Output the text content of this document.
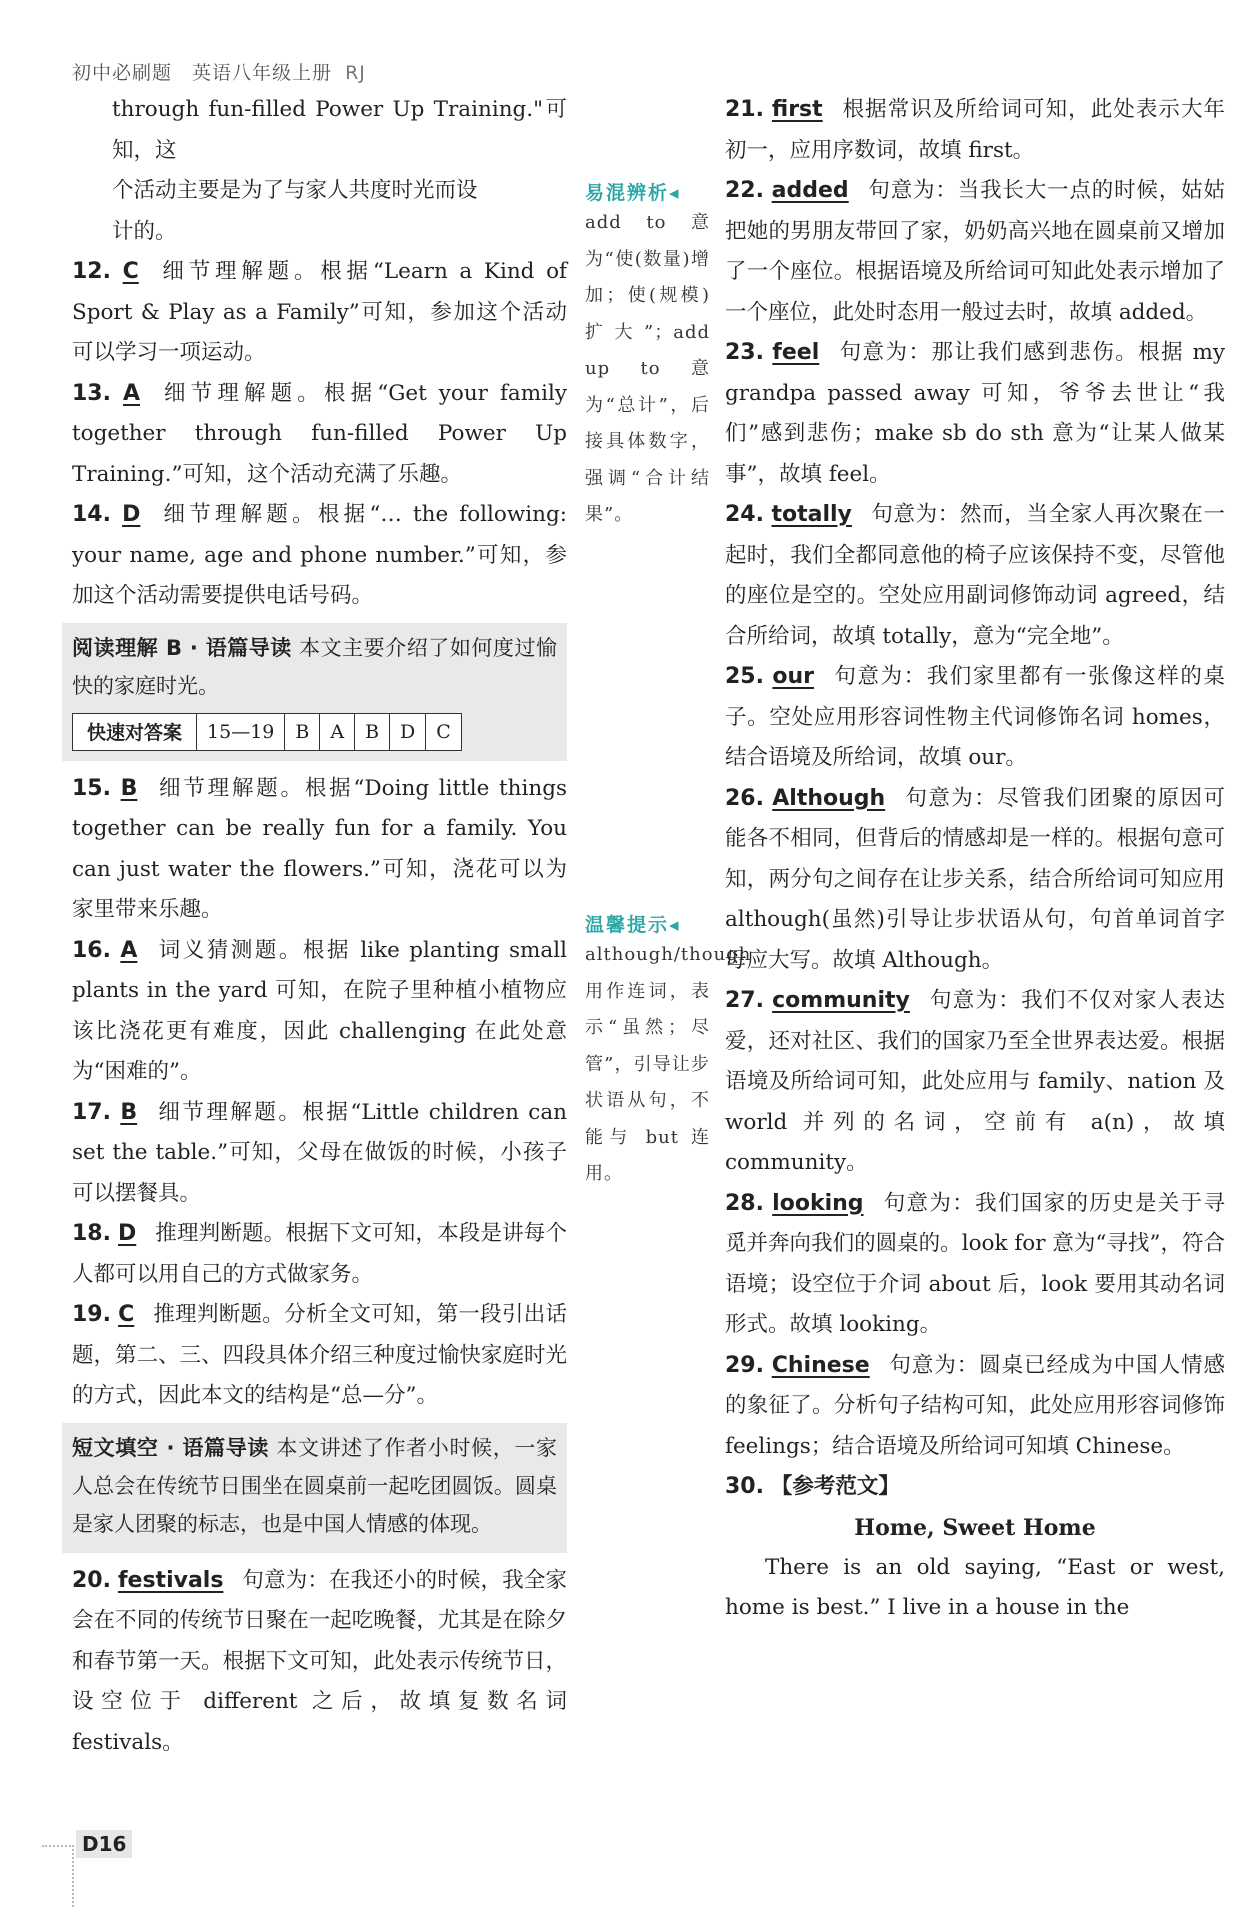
初中必刷题　英语八年级上册 RJ

through fun-filled Power Up Training."可知，这

个活动主要是为了与家人共度时光而设

计的。

12. C 细节理解题。根据“Learn a Kind of Sport & Play as a Family”可知，参加这个活动可以学习一项运动。
13. A 细节理解题。根据“Get your family together through fun-filled Power Up Training.”可知，这个活动充满了乐趣。
14. D 细节理解题。根据“… the following: your name, age and phone number.”可知，参加这个活动需要提供电话号码。

阅读理解 B · 语篇导读 本文主要介绍了如何度过愉快的家庭时光。

快速对答案	15—19	B	A	B	D	C
15. B 细节理解题。根据“Doing little things together can be really fun for a family. You can just water the flowers.”可知，浇花可以为家里带来乐趣。
16. A 词义猜测题。根据 like planting small plants in the yard 可知，在院子里种植小植物应该比浇花更有难度，因此 challenging 在此处意为“困难的”。
17. B 细节理解题。根据“Little children can set the table.”可知，父母在做饭的时候，小孩子可以摆餐具。
18. D 推理判断题。根据下文可知，本段是讲每个人都可以用自己的方式做家务。
19. C 推理判断题。分析全文可知，第一段引出话题，第二、三、四段具体介绍三种度过愉快家庭时光的方式，因此本文的结构是“总—分”。

短文填空 · 语篇导读 本文讲述了作者小时候，一家人总会在传统节日围坐在圆桌前一起吃团圆饭。圆桌是家人团聚的标志，也是中国人情感的体现。

20. festivals 句意为：在我还小的时候，我全家会在不同的传统节日聚在一起吃晚餐，尤其是在除夕和春节第一天。根据下文可知，此处表示传统节日，设空位于 different 之后，故填复数名词 festivals。
易混辨析◂
add to 意为“使(数量)增加；使(规模)扩大”；add up to 意为“总计”，后接具体数字，强调“合计结果”。
温馨提示◂
although/though 用作连词，表示“虽然；尽管”，引导让步状语从句，不能与 but 连用。
21. first 根据常识及所给词可知，此处表示大年初一，应用序数词，故填 first。
22. added 句意为：当我长大一点的时候，姑姑把她的男朋友带回了家，奶奶高兴地在圆桌前又增加了一个座位。根据语境及所给词可知此处表示增加了一个座位，此处时态用一般过去时，故填 added。
23. feel 句意为：那让我们感到悲伤。根据 my grandpa passed away 可知，爷爷去世让“我们”感到悲伤；make sb do sth 意为“让某人做某事”，故填 feel。
24. totally 句意为：然而，当全家人再次聚在一起时，我们全都同意他的椅子应该保持不变，尽管他的座位是空的。空处应用副词修饰动词 agreed，结合所给词，故填 totally，意为“完全地”。
25. our 句意为：我们家里都有一张像这样的桌子。空处应用形容词性物主代词修饰名词 homes，结合语境及所给词，故填 our。
26. Although 句意为：尽管我们团聚的原因可能各不相同，但背后的情感却是一样的。根据句意可知，两分句之间存在让步关系，结合所给词可知应用 although(虽然)引导让步状语从句，句首单词首字母应大写。故填 Although。
27. community 句意为：我们不仅对家人表达爱，还对社区、我们的国家乃至全世界表达爱。根据语境及所给词可知，此处应用与 family、nation 及 world 并列的名词，空前有 a(n)，故填 community。
28. looking 句意为：我们国家的历史是关于寻觅并奔向我们的圆桌的。look for 意为“寻找”，符合语境；设空位于介词 about 后，look 要用其动名词形式。故填 looking。
29. Chinese 句意为：圆桌已经成为中国人情感的象征了。分析句子结构可知，此处应用形容词修饰 feelings；结合语境及所给词可知填 Chinese。
30. 【参考范文】
Home, Sweet Home

There is an old saying, “East or west, home is best.” I live in a house in the

D16
